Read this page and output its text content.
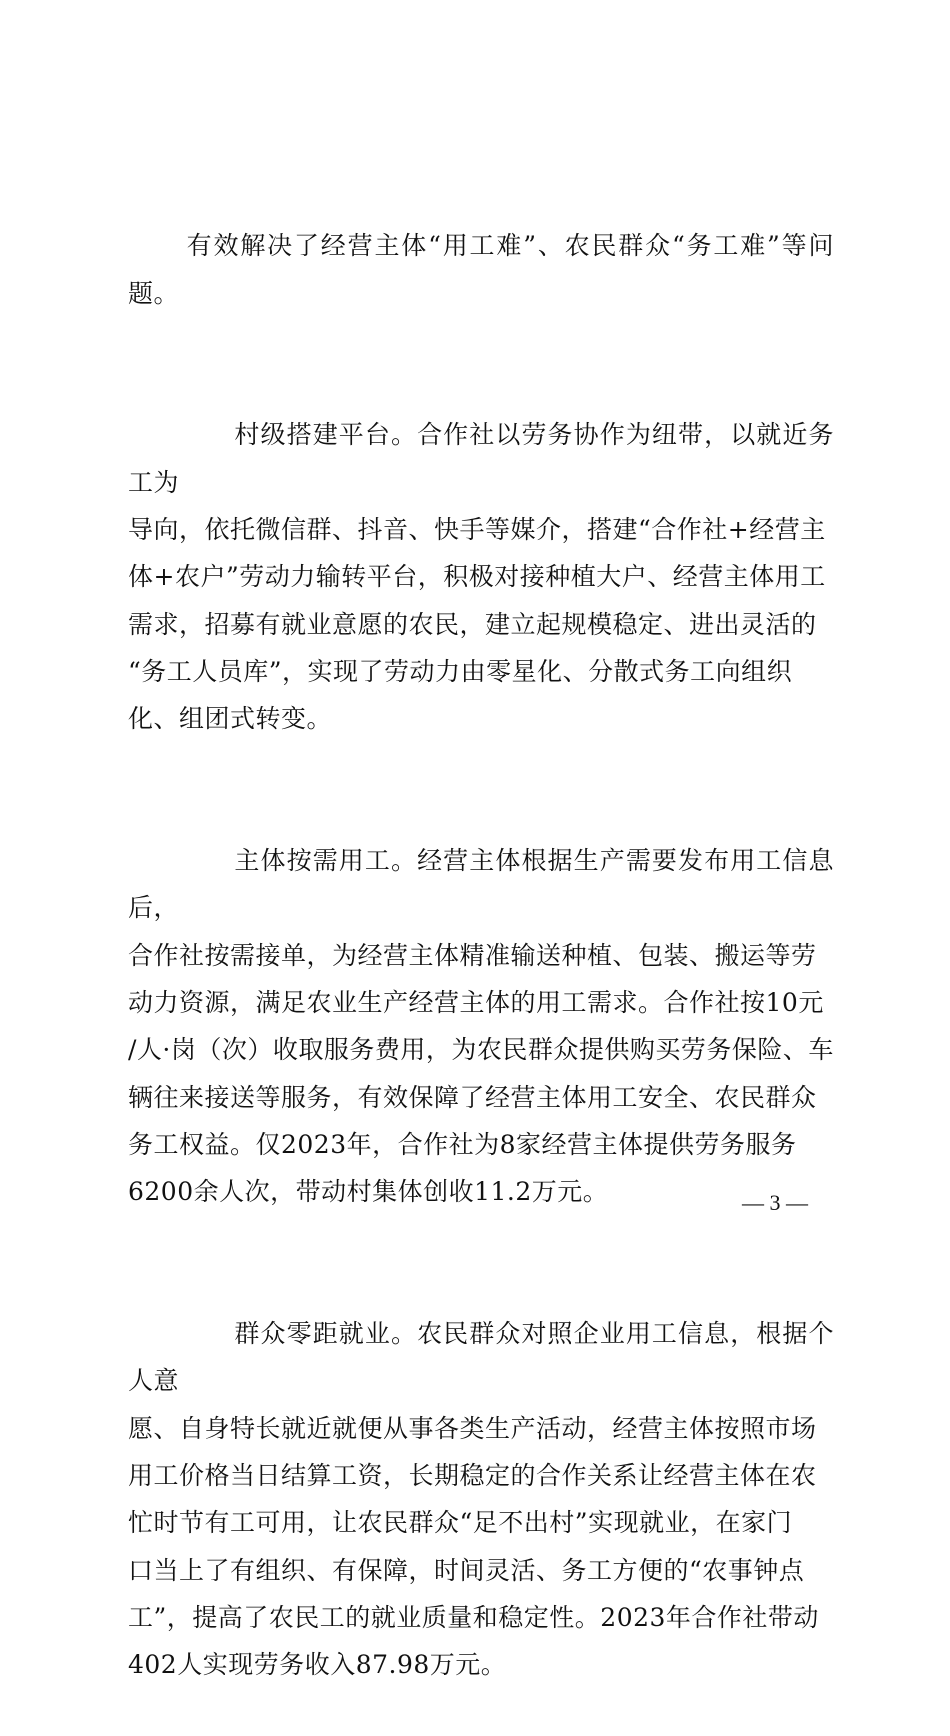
有效解决了经营主体“用工难”、农民群众“务工难”等问题。

　　村级搭建平台。合作社以劳务协作为纽带，以就近务工为
导向，依托微信群、抖音、快手等媒介，搭建“合作社+经营主
体+农户”劳动力输转平台，积极对接种植大户、经营主体用工
需求，招募有就业意愿的农民，建立起规模稳定、进出灵活的
“务工人员库”，实现了劳动力由零星化、分散式务工向组织
化、组团式转变。

　　主体按需用工。经营主体根据生产需要发布用工信息后，
合作社按需接单，为经营主体精准输送种植、包装、搬运等劳
动力资源，满足农业生产经营主体的用工需求。合作社按10元
/人·岗（次）收取服务费用，为农民群众提供购买劳务保险、车
辆往来接送等服务，有效保障了经营主体用工安全、农民群众
务工权益。仅2023年，合作社为8家经营主体提供劳务服务
6200余人次，带动村集体创收11.2万元。

　　群众零距就业。农民群众对照企业用工信息，根据个人意
愿、自身特长就近就便从事各类生产活动，经营主体按照市场
用工价格当日结算工资，长期稳定的合作关系让经营主体在农
忙时节有工可用，让农民群众“足不出村”实现就业，在家门
口当上了有组织、有保障，时间灵活、务工方便的“农事钟点
工”，提高了农民工的就业质量和稳定性。2023年合作社带动
402人实现劳务收入87.98万元。

— 3 —
